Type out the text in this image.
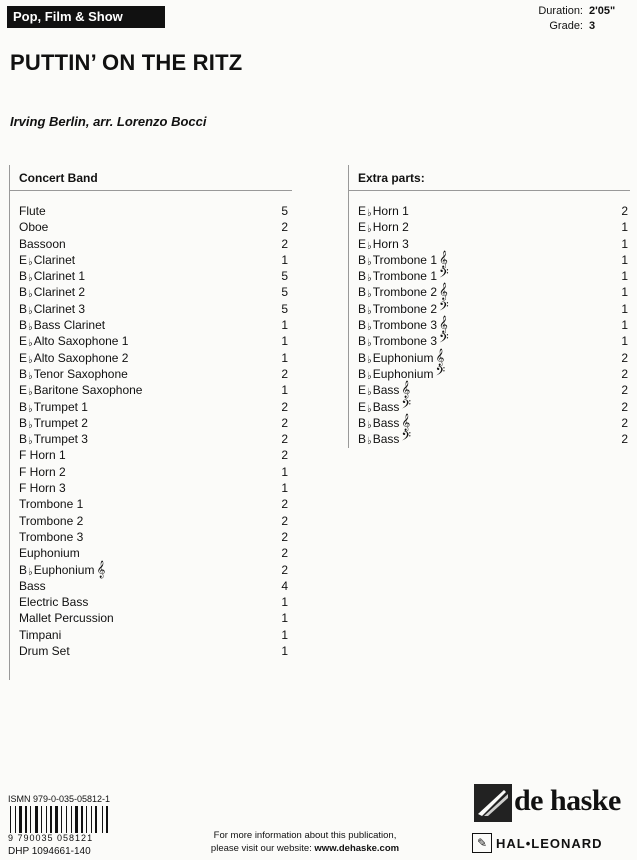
Pop, Film & Show	Duration: 2'05"
Grade: 3
PUTTIN’ ON THE RITZ
Irving Berlin, arr. Lorenzo Bocci
Concert Band
Flute	5
Oboe	2
Bassoon	2
E♭Clarinet	1
B♭Clarinet 1	5
B♭Clarinet 2	5
B♭Clarinet 3	5
B♭Bass Clarinet	1
E♭Alto Saxophone 1	1
E♭Alto Saxophone 2	1
B♭Tenor Saxophone	2
E♭Baritone Saxophone	1
B♭Trumpet 1	2
B♭Trumpet 2	2
B♭Trumpet 3	2
F Horn 1	2
F Horn 2	1
F Horn 3	1
Trombone 1	2
Trombone 2	2
Trombone 3	2
Euphonium	2
B♭Euphonium 𝄞	2
Bass	4
Electric Bass	1
Mallet Percussion	1
Timpani	1
Drum Set	1
Extra parts:
E♭Horn 1	2
E♭Horn 2	1
E♭Horn 3	1
B♭Trombone 1 𝄞	1
B♭Trombone 1 𝄢	1
B♭Trombone 2 𝄞	1
B♭Trombone 2 𝄢	1
B♭Trombone 3 𝄞	1
B♭Trombone 3 𝄢	1
B♭Euphonium 𝄞	2
B♭Euphonium 𝄢	2
E♭Bass 𝄞	2
E♭Bass 𝄢	2
B♭Bass 𝄞	2
B♭Bass 𝄢	2
ISMN 979-0-035-05812-1
9 790035 058121
DHP 1094661-140
For more information about this publication,
please visit our website: www.dehaske.com
de haske
✎ HAL•LEONARD
